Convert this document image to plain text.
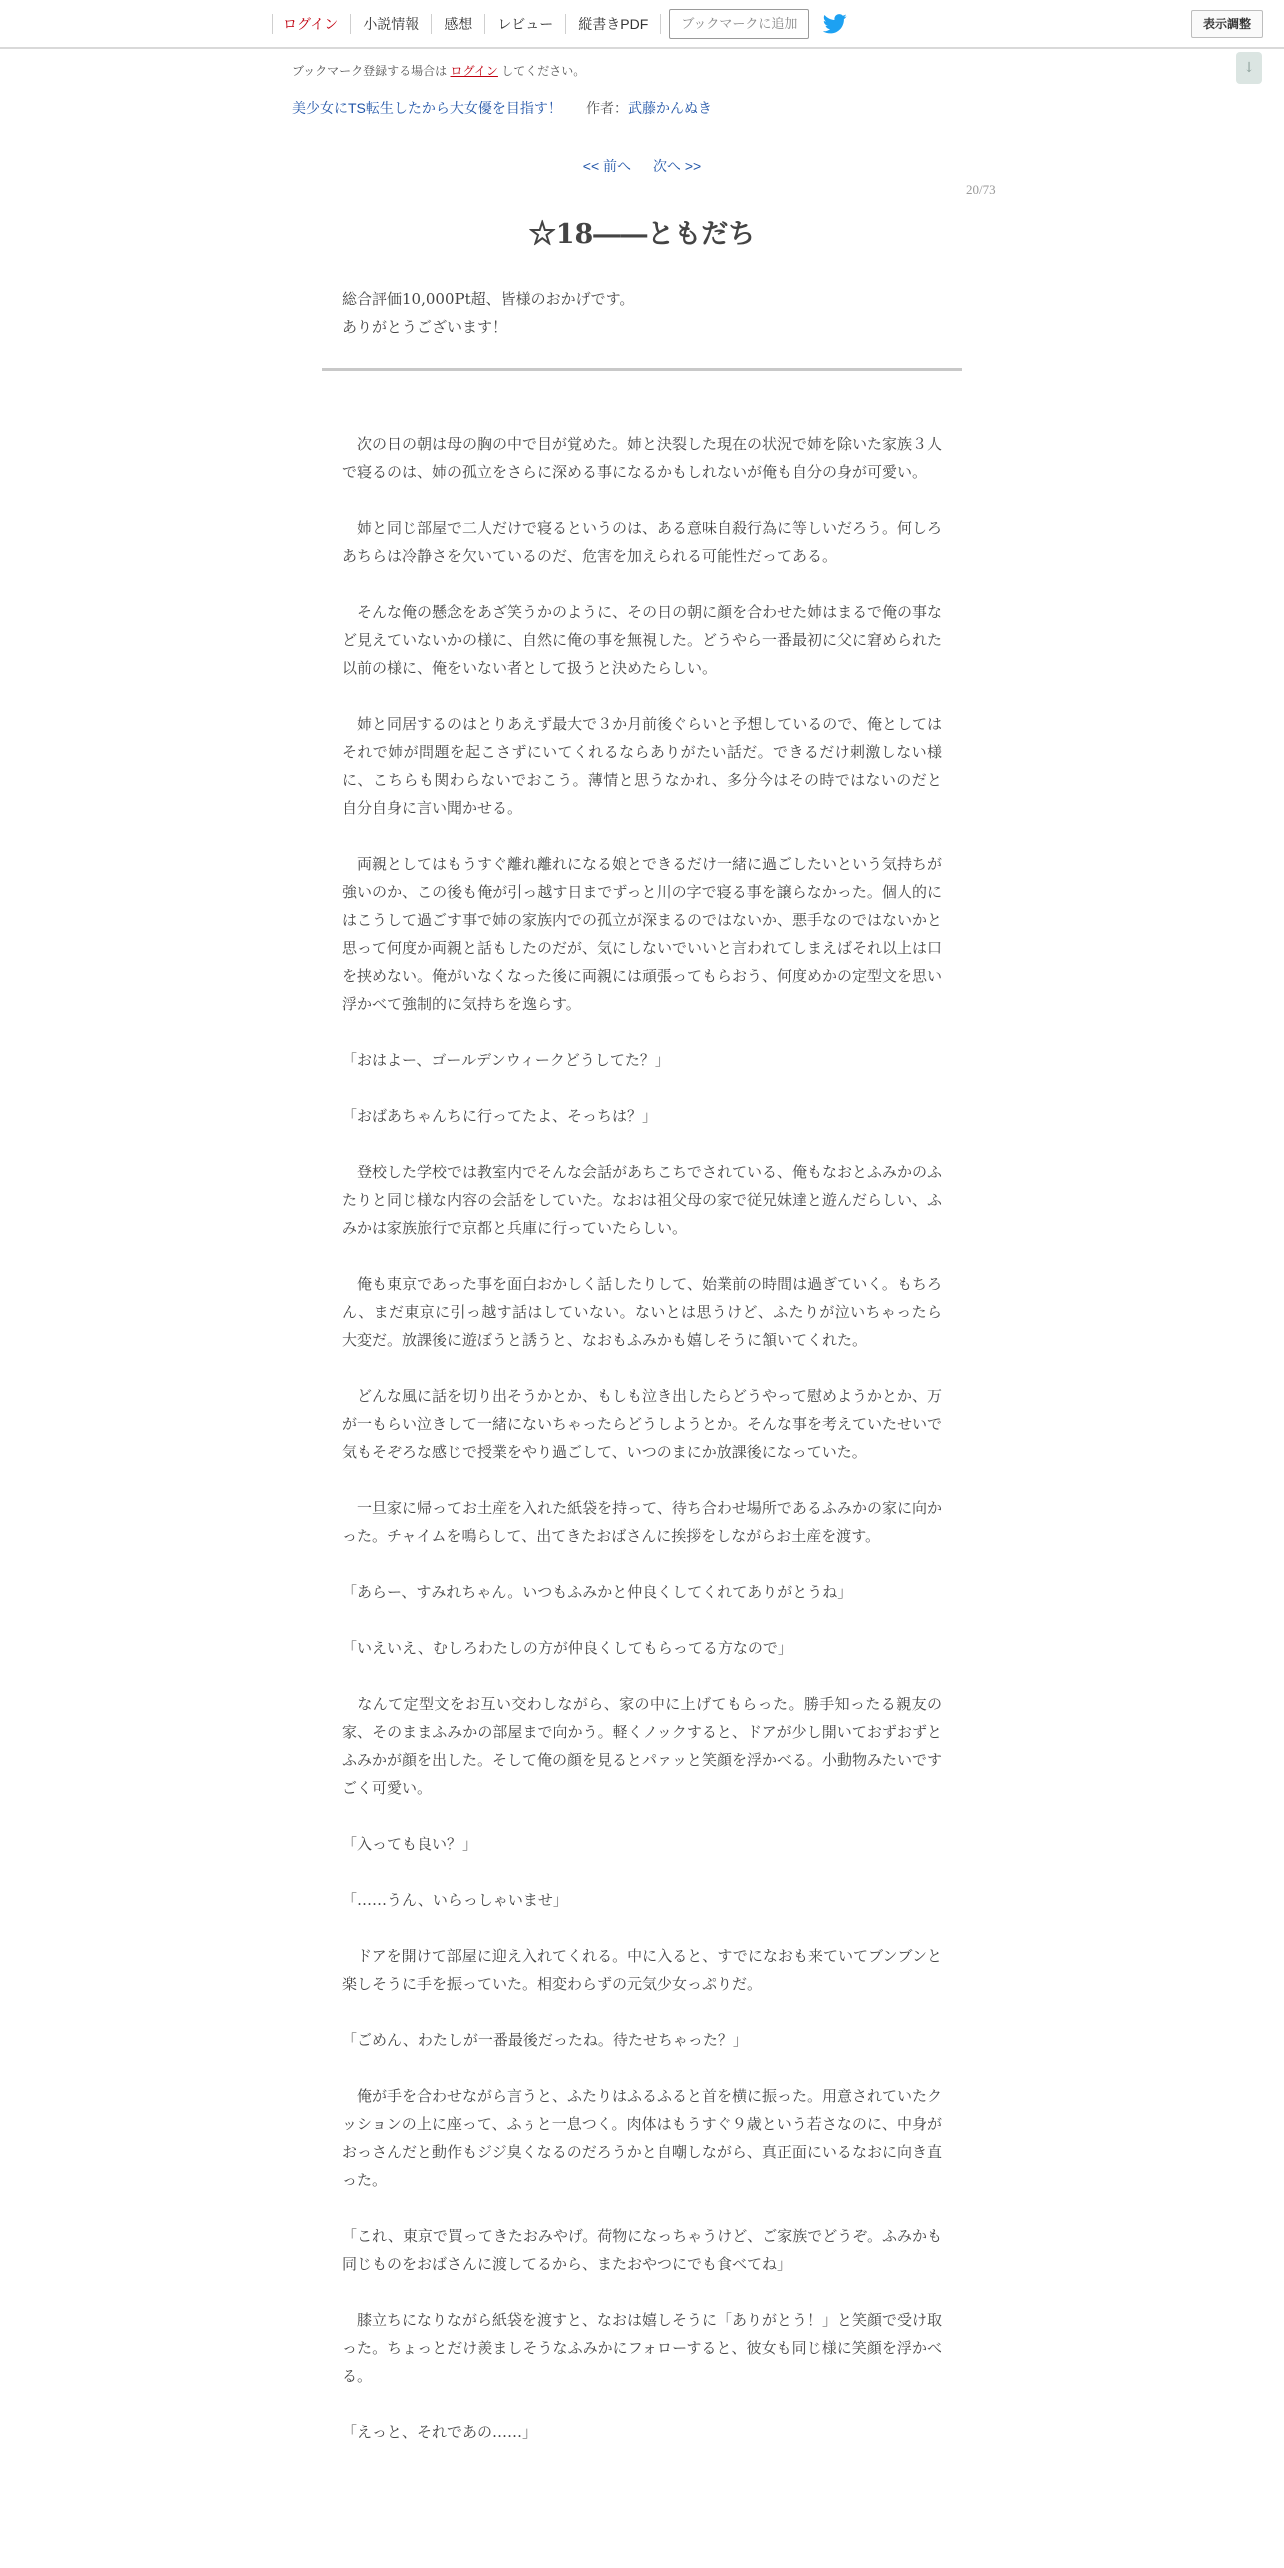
ログイン	小説情報	感想	レビュー	縦書きPDF	ブックマークに追加	表示調整
↓
ブックマーク登録する場合は ログイン してください。
美少女にTS転生したから大女優を目指す！ 作者：武藤かんぬき
<< 前へ 次へ >>
20/73
☆18――ともだち
総合評価10,000Pt超、皆様のおかげです。
ありがとうございます！

　次の日の朝は母の胸の中で目が覚めた。姉と決裂した現在の状況で姉を除いた家族３人で寝るのは、姉の孤立をさらに深める事になるかもしれないが俺も自分の身が可愛い。

　姉と同じ部屋で二人だけで寝るというのは、ある意味自殺行為に等しいだろう。何しろあちらは冷静さを欠いているのだ、危害を加えられる可能性だってある。

　そんな俺の懸念をあざ笑うかのように、その日の朝に顔を合わせた姉はまるで俺の事など見えていないかの様に、自然に俺の事を無視した。どうやら一番最初に父に窘められた以前の様に、俺をいない者として扱うと決めたらしい。

　姉と同居するのはとりあえず最大で３か月前後ぐらいと予想しているので、俺としてはそれで姉が問題を起こさずにいてくれるならありがたい話だ。できるだけ刺激しない様に、こちらも関わらないでおこう。薄情と思うなかれ、多分今はその時ではないのだと自分自身に言い聞かせる。

　両親としてはもうすぐ離れ離れになる娘とできるだけ一緒に過ごしたいという気持ちが強いのか、この後も俺が引っ越す日までずっと川の字で寝る事を譲らなかった。個人的にはこうして過ごす事で姉の家族内での孤立が深まるのではないか、悪手なのではないかと思って何度か両親と話もしたのだが、気にしないでいいと言われてしまえばそれ以上は口を挟めない。俺がいなくなった後に両親には頑張ってもらおう、何度めかの定型文を思い浮かべて強制的に気持ちを逸らす。

「おはよー、ゴールデンウィークどうしてた？」

「おばあちゃんちに行ってたよ、そっちは？」

　登校した学校では教室内でそんな会話があちこちでされている、俺もなおとふみかのふたりと同じ様な内容の会話をしていた。なおは祖父母の家で従兄妹達と遊んだらしい、ふみかは家族旅行で京都と兵庫に行っていたらしい。

　俺も東京であった事を面白おかしく話したりして、始業前の時間は過ぎていく。もちろん、まだ東京に引っ越す話はしていない。ないとは思うけど、ふたりが泣いちゃったら大変だ。放課後に遊ぼうと誘うと、なおもふみかも嬉しそうに頷いてくれた。

　どんな風に話を切り出そうかとか、もしも泣き出したらどうやって慰めようかとか、万が一もらい泣きして一緒にないちゃったらどうしようとか。そんな事を考えていたせいで気もそぞろな感じで授業をやり過ごして、いつのまにか放課後になっていた。

　一旦家に帰ってお土産を入れた紙袋を持って、待ち合わせ場所であるふみかの家に向かった。チャイムを鳴らして、出てきたおばさんに挨拶をしながらお土産を渡す。

「あらー、すみれちゃん。いつもふみかと仲良くしてくれてありがとうね」

「いえいえ、むしろわたしの方が仲良くしてもらってる方なので」

　なんて定型文をお互い交わしながら、家の中に上げてもらった。勝手知ったる親友の家、そのままふみかの部屋まで向かう。軽くノックすると、ドアが少し開いておずおずとふみかが顔を出した。そして俺の顔を見るとパァッと笑顔を浮かべる。小動物みたいですごく可愛い。

「入っても良い？」

「……うん、いらっしゃいませ」

　ドアを開けて部屋に迎え入れてくれる。中に入ると、すでになおも来ていてブンブンと楽しそうに手を振っていた。相変わらずの元気少女っぷりだ。

「ごめん、わたしが一番最後だったね。待たせちゃった？」

　俺が手を合わせながら言うと、ふたりはふるふると首を横に振った。用意されていたクッションの上に座って、ふぅと一息つく。肉体はもうすぐ９歳という若さなのに、中身がおっさんだと動作もジジ臭くなるのだろうかと自嘲しながら、真正面にいるなおに向き直った。

「これ、東京で買ってきたおみやげ。荷物になっちゃうけど、ご家族でどうぞ。ふみかも同じものをおばさんに渡してるから、またおやつにでも食べてね」

　膝立ちになりながら紙袋を渡すと、なおは嬉しそうに「ありがとう！」と笑顔で受け取った。ちょっとだけ羨ましそうなふみかにフォローすると、彼女も同じ様に笑顔を浮かべる。

「えっと、それであの……」
